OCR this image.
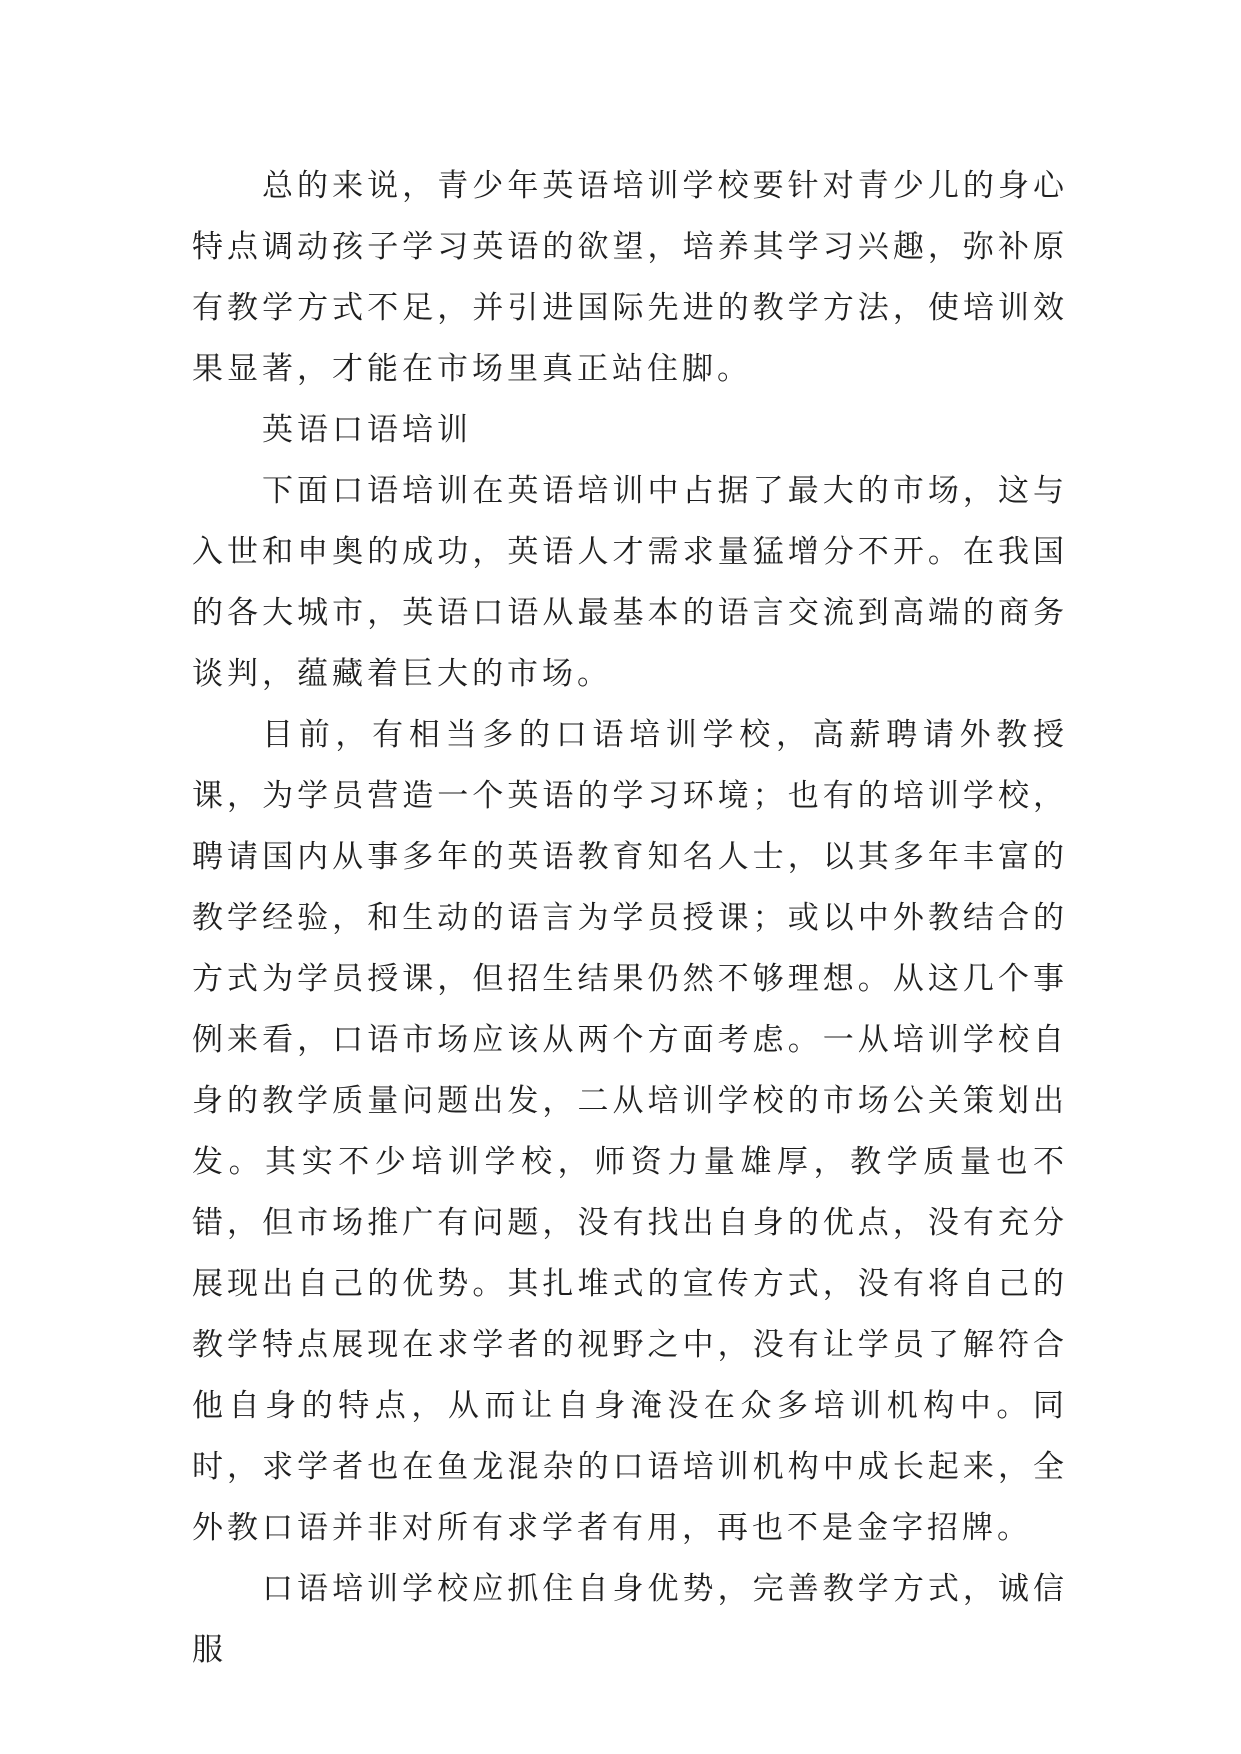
总的来说，青少年英语培训学校要针对青少儿的身心特点调动孩子学习英语的欲望，培养其学习兴趣，弥补原有教学方式不足，并引进国际先进的教学方法，使培训效果显著，才能在市场里真正站住脚。

英语口语培训

下面口语培训在英语培训中占据了最大的市场，这与入世和申奥的成功，英语人才需求量猛增分不开。在我国的各大城市，英语口语从最基本的语言交流到高端的商务谈判，蕴藏着巨大的市场。

目前，有相当多的口语培训学校，高薪聘请外教授课，为学员营造一个英语的学习环境；也有的培训学校，聘请国内从事多年的英语教育知名人士，以其多年丰富的教学经验，和生动的语言为学员授课；或以中外教结合的方式为学员授课，但招生结果仍然不够理想。从这几个事例来看，口语市场应该从两个方面考虑。一从培训学校自身的教学质量问题出发，二从培训学校的市场公关策划出发。其实不少培训学校，师资力量雄厚，教学质量也不错，但市场推广有问题，没有找出自身的优点，没有充分展现出自己的优势。其扎堆式的宣传方式，没有将自己的教学特点展现在求学者的视野之中，没有让学员了解符合他自身的特点，从而让自身淹没在众多培训机构中。同时，求学者也在鱼龙混杂的口语培训机构中成长起来，全外教口语并非对所有求学者有用，再也不是金字招牌。

口语培训学校应抓住自身优势，完善教学方式，诚信服
